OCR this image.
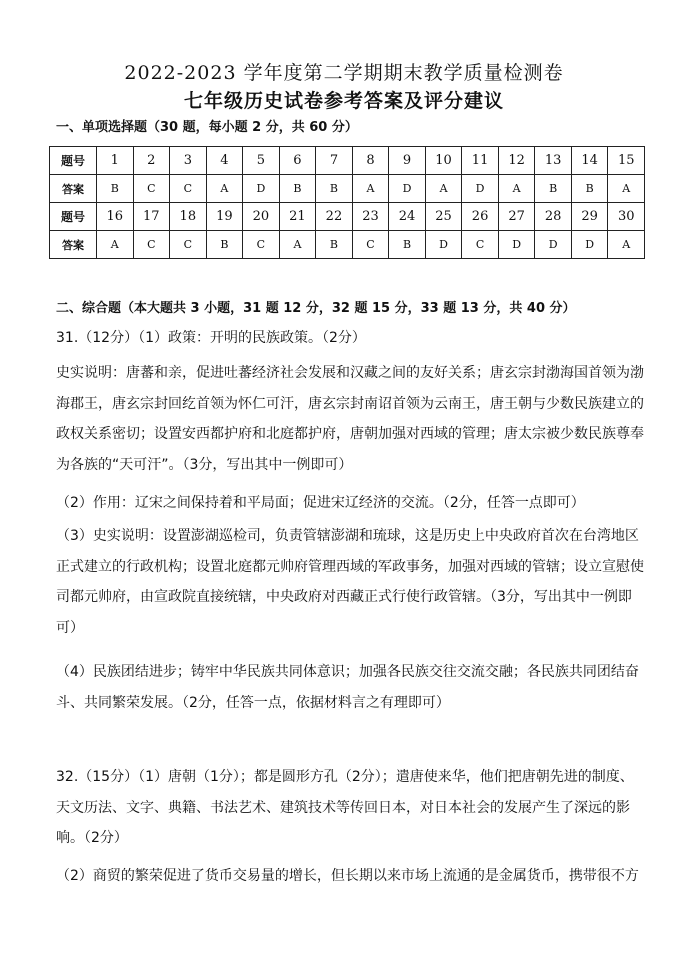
2022-2023 学年度第二学期期末教学质量检测卷
七年级历史试卷参考答案及评分建议
一、单项选择题（30 题，每小题 2 分，共 60 分）
题号	1	2	3	4	5	6	7	8	9	10	11	12	13	14	15
答案	B	C	C	A	D	B	B	A	D	A	D	A	B	B	A
题号	16	17	18	19	20	21	22	23	24	25	26	27	28	29	30
答案	A	C	C	B	C	A	B	C	B	D	C	D	D	D	A
二、综合题（本大题共 3 小题，31 题 12 分，32 题 15 分，33 题 13 分，共 40 分）
31.（12分）（1）政策：开明的民族政策。（2分）
史实说明：唐蕃和亲，促进吐蕃经济社会发展和汉藏之间的友好关系；唐玄宗封渤海国首领为渤海郡王，唐玄宗封回纥首领为怀仁可汗，唐玄宗封南诏首领为云南王，唐王朝与少数民族建立的政权关系密切；设置安西都护府和北庭都护府，唐朝加强对西域的管理；唐太宗被少数民族尊奉为各族的“天可汗”。（3分，写出其中一例即可）
（2）作用：辽宋之间保持着和平局面；促进宋辽经济的交流。（2分，任答一点即可）
（3）史实说明：设置澎湖巡检司，负责管辖澎湖和琉球，这是历史上中央政府首次在台湾地区正式建立的行政机构；设置北庭都元帅府管理西域的军政事务，加强对西域的管辖；设立宣慰使司都元帅府，由宣政院直接统辖，中央政府对西藏正式行使行政管辖。（3分，写出其中一例即可）
（4）民族团结进步；铸牢中华民族共同体意识；加强各民族交往交流交融；各民族共同团结奋斗、共同繁荣发展。（2分，任答一点，依据材料言之有理即可）
32.（15分）（1）唐朝（1分）；都是圆形方孔（2分）；遣唐使来华，他们把唐朝先进的制度、天文历法、文字、典籍、书法艺术、建筑技术等传回日本，对日本社会的发展产生了深远的影响。（2分）
（2）商贸的繁荣促进了货币交易量的增长，但长期以来市场上流通的是金属货币，携带很不方
